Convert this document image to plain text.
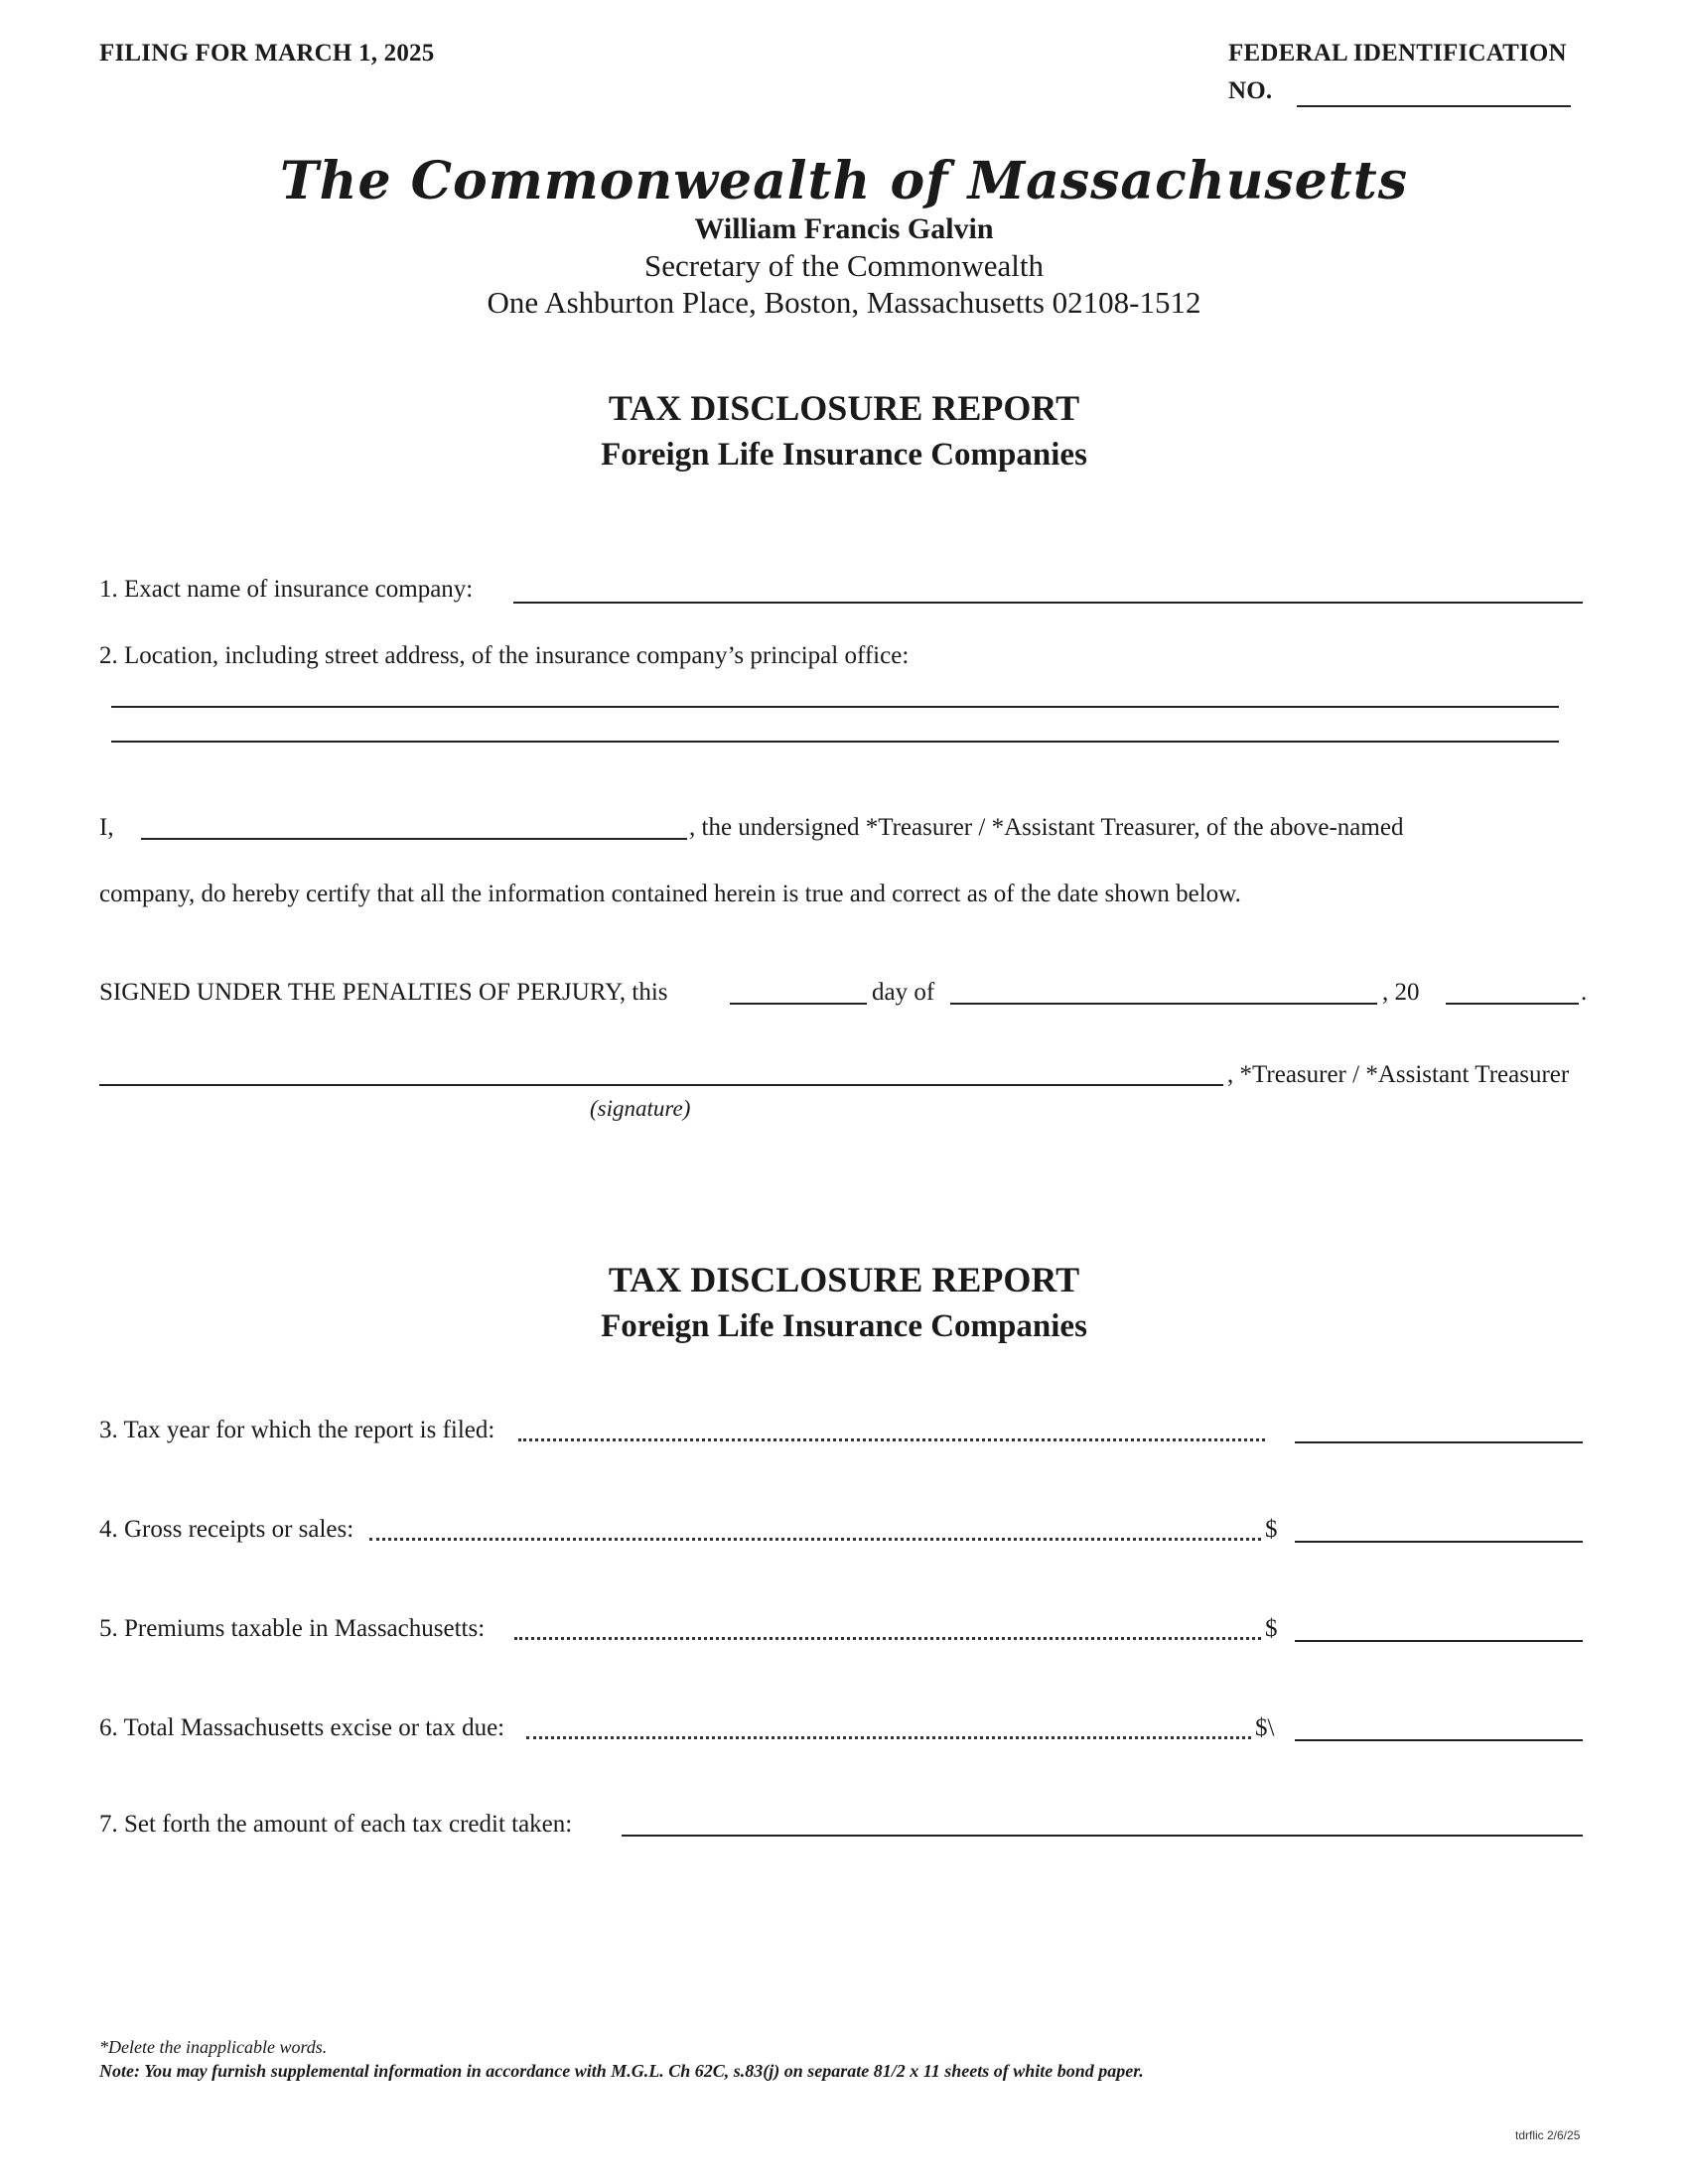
FILING FOR MARCH 1, 2025	FEDERAL IDENTIFICATION
NO.
The Commonwealth of Massachusetts
William Francis Galvin
Secretary of the Commonwealth
One Ashburton Place, Boston, Massachusetts 02108-1512
TAX DISCLOSURE REPORT
Foreign Life Insurance Companies
1. Exact name of insurance company:
2. Location, including street address, of the insurance company’s principal office:
I,	, the undersigned *Treasurer / *Assistant Treasurer, of the above-named
company, do hereby certify that all the information contained herein is true and correct as of the date shown below.
SIGNED UNDER THE PENALTIES OF PERJURY, this	day of	, 20	.
, *Treasurer / *Assistant Treasurer
(signature)
TAX DISCLOSURE REPORT
Foreign Life Insurance Companies
3. Tax year for which the report is filed:
4. Gross receipts or sales:	$
5. Premiums taxable in Massachusetts:	$
6. Total Massachusetts excise or tax due:	$\
7. Set forth the amount of each tax credit taken:
*Delete the inapplicable words.
Note: You may furnish supplemental information in accordance with M.G.L. Ch 62C, s.83(j) on separate 81/2 x 11 sheets of white bond paper.
tdrflic 2/6/25
